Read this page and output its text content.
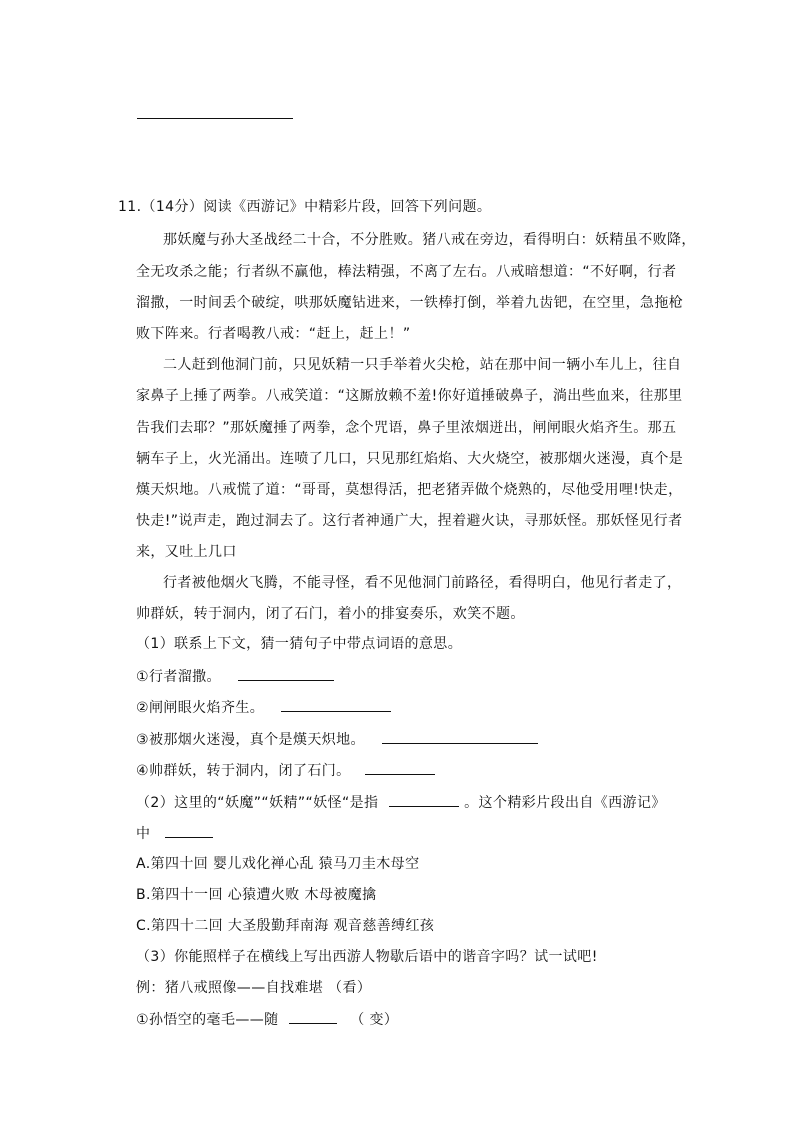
11.（14分）阅读《西游记》中精彩片段，回答下列问题。
那妖魔与孙大圣战经二十合，不分胜败。猪八戒在旁边，看得明白：妖精虽不败降，
全无攻杀之能；行者纵不赢他，棒法精强，不离了左右。八戒暗想道：“不好啊，行者
溜撒，一时间丢个破绽，哄那妖魔钻进来，一铁棒打倒，举着九齿钯，在空里，急拖枪
败下阵来。行者喝教八戒：“赶上，赶上！”
二人赶到他洞门前，只见妖精一只手举着火尖枪，站在那中间一辆小车儿上，往自
家鼻子上捶了两拳。八戒笑道：“这厮放赖不羞!你好道捶破鼻子，淌出些血来，往那里
告我们去耶？”那妖魔捶了两拳，念个咒语，鼻子里浓烟迸出，闸闸眼火焰齐生。那五
辆车子上，火光涌出。连喷了几口，只见那红焰焰、大火烧空，被那烟火迷漫，真个是
熯天炽地。八戒慌了道：“哥哥，莫想得活，把老猪弄做个烧熟的，尽他受用哩!快走，
快走!”说声走，跑过洞去了。这行者神通广大，捏着避火诀，寻那妖怪。那妖怪见行者
来，又吐上几口
行者被他烟火飞腾，不能寻怪，看不见他洞门前路径，看得明白，他见行者走了，
帅群妖，转于洞内，闭了石门，着小的排宴奏乐，欢笑不题。
（1）联系上下文，猜一猜句子中带点词语的意思。
①行者溜撒。
②闸闸眼火焰齐生。
③被那烟火迷漫，真个是熯天炽地。
④帅群妖，转于洞内，闭了石门。
（2）这里的“妖魔”“妖精”“妖怪“是指	。这个精彩片段出自《西游记》
中
A.第四十回 婴儿戏化禅心乱 猿马刀圭木母空
B.第四十一回 心猿遭火败 木母被魔擒
C.第四十二回 大圣殷勤拜南海 观音慈善缚红孩
（3）你能照样子在横线上写出西游人物歇后语中的谐音字吗？试一试吧!
例：猪八戒照像——自找难堪 （看）
①孙悟空的毫毛——随	（ 变）
